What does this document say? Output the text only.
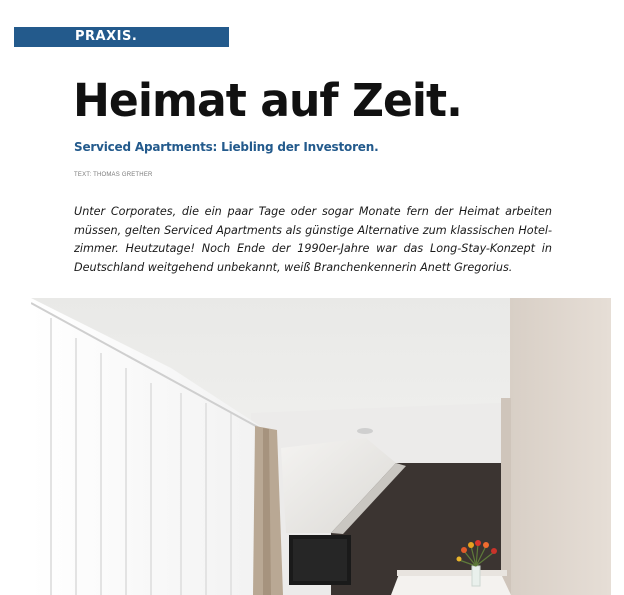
PRAXIS.
Heimat auf Zeit.
Serviced Apartments: Liebling der Investoren.
TEXT: THOMAS GRETHER

Unter Corporates, die ein paar Tage oder sogar Monate fern der Heimat arbeiten müssen, gelten Serviced Apartments als günstige Alternative zum klassischen Hotel-zimmer. Heutzutage! Noch Ende der 1990er-Jahre war das Long-Stay-Konzept in Deutschland weitgehend unbekannt, weiß Branchenkennerin Anett Gregorius.
